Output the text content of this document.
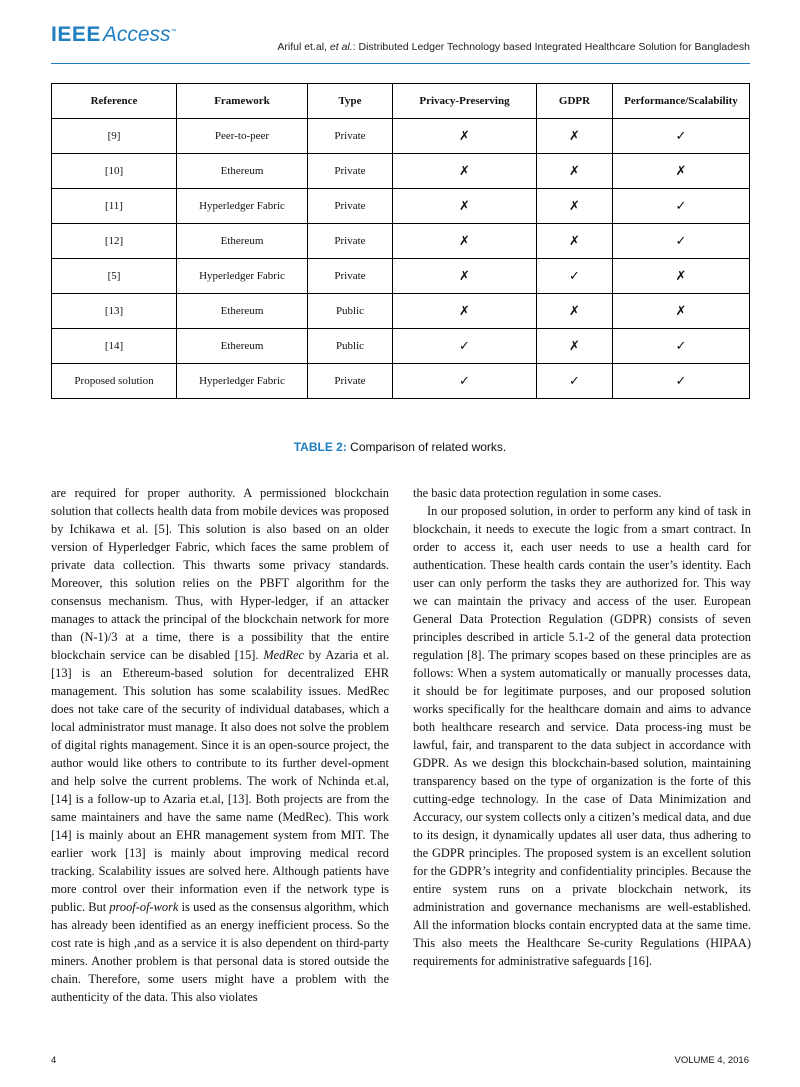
IEEEAccess™
Ariful et.al, et al.: Distributed Ledger Technology based Integrated Healthcare Solution for Bangladesh
Reference	Framework	Type	Privacy-Preserving	GDPR	Performance/Scalability
[9]	Peer-to-peer	Private	✗	✗	✓
[10]	Ethereum	Private	✗	✗	✗
[11]	Hyperledger Fabric	Private	✗	✗	✓
[12]	Ethereum	Private	✗	✗	✓
[5]	Hyperledger Fabric	Private	✗	✓	✗
[13]	Ethereum	Public	✗	✗	✗
[14]	Ethereum	Public	✓	✗	✓
Proposed solution	Hyperledger Fabric	Private	✓	✓	✓
TABLE 2: Comparison of related works.

are required for proper authority. A permissioned blockchain solution that collects health data from mobile devices was proposed by Ichikawa et al. [5]. This solution is also based on an older version of Hyperledger Fabric, which faces the same problem of private data collection. This thwarts some privacy standards. Moreover, this solution relies on the PBFT algorithm for the consensus mechanism. Thus, with Hyper-ledger, if an attacker manages to attack the principal of the blockchain network for more than (N-1)/3 at a time, there is a possibility that the entire blockchain service can be disabled [15]. MedRec by Azaria et al. [13] is an Ethereum-based solution for decentralized EHR management. This solution has some scalability issues. MedRec does not take care of the security of individual databases, which a local administrator must manage. It also does not solve the problem of digital rights management. Since it is an open-source project, the author would like others to contribute to its further devel-opment and help solve the current problems. The work of Nchinda et.al, [14] is a follow-up to Azaria et.al, [13]. Both projects are from the same maintainers and have the same name (MedRec). This work [14] is mainly about an EHR management system from MIT. The earlier work [13] is mainly about improving medical record tracking. Scalability issues are solved here. Although patients have more control over their information even if the network type is public. But proof-of-work is used as the consensus algorithm, which has already been identified as an energy inefficient process. So the cost rate is high ,and as a service it is also dependent on third-party miners. Another problem is that personal data is stored outside the chain. Therefore, some users might have a problem with the authenticity of the data. This also violates

the basic data protection regulation in some cases.

In our proposed solution, in order to perform any kind of task in blockchain, it needs to execute the logic from a smart contract. In order to access it, each user needs to use a health card for authentication. These health cards contain the user’s identity. Each user can only perform the tasks they are authorized for. This way we can maintain the privacy and access of the user. European General Data Protection Regulation (GDPR) consists of seven principles described in article 5.1-2 of the general data protection regulation [8]. The primary scopes based on these principles are as follows: When a system automatically or manually processes data, it should be for legitimate purposes, and our proposed solution works specifically for the healthcare domain and aims to advance both healthcare research and service. Data process-ing must be lawful, fair, and transparent to the data subject in accordance with GDPR. As we design this blockchain-based solution, maintaining transparency based on the type of organization is the forte of this cutting-edge technology. In the case of Data Minimization and Accuracy, our system collects only a citizen’s medical data, and due to its design, it dynamically updates all user data, thus adhering to the GDPR principles. The proposed system is an excellent solution for the GDPR’s integrity and confidentiality principles. Because the entire system runs on a private blockchain network, its administration and governance mechanisms are well-established. All the information blocks contain encrypted data at the same time. This also meets the Healthcare Se-curity Regulations (HIPAA) requirements for administrative safeguards [16].

4	VOLUME 4, 2016
